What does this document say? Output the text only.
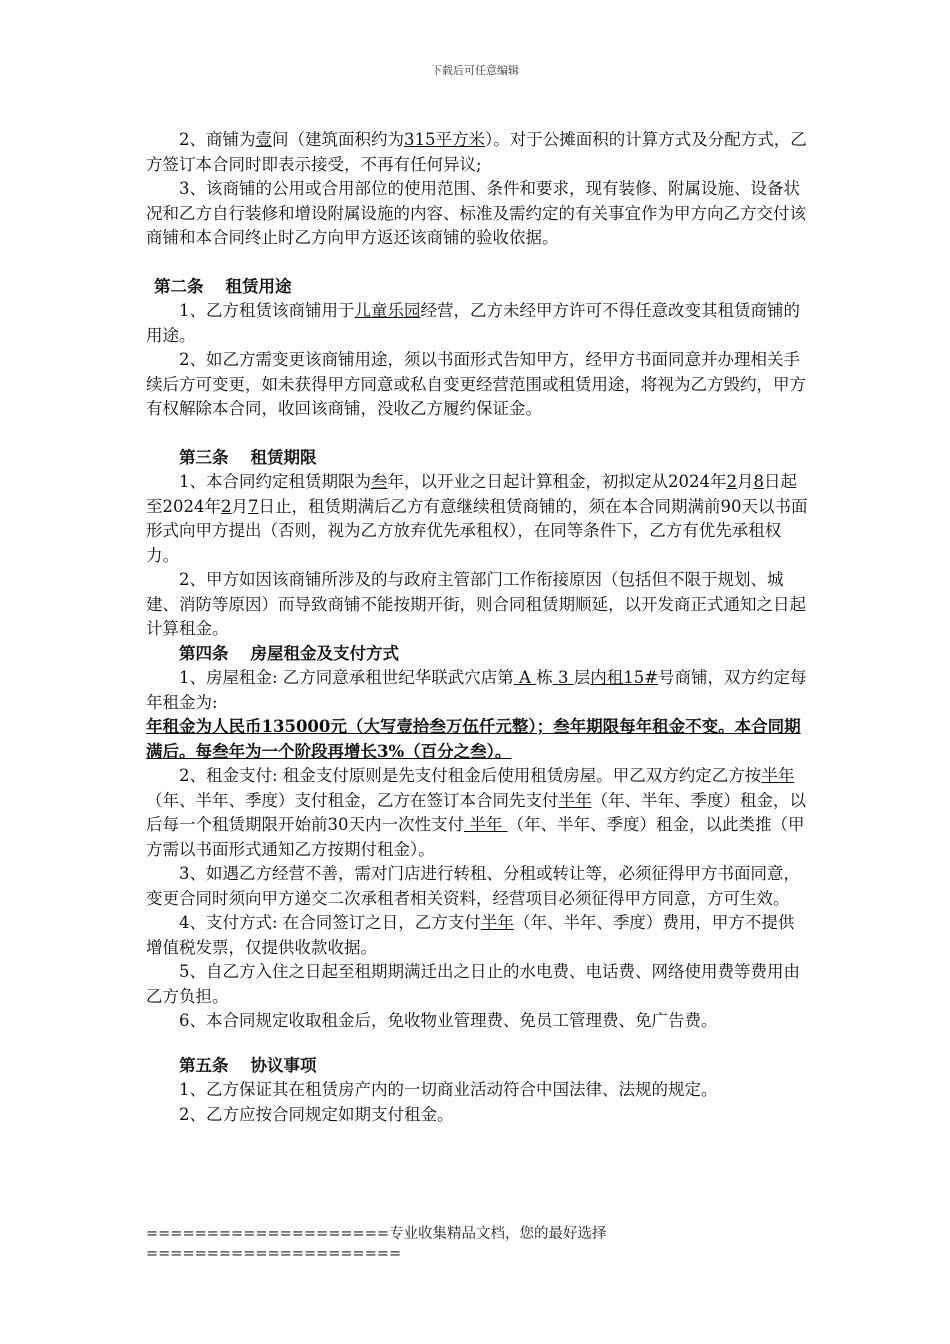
下载后可任意编辑

2、商铺为壹间（建筑面积约为315平方米）。对于公摊面积的计算方式及分配方式，乙方签订本合同时即表示接受，不再有任何异议;

3、该商铺的公用或合用部位的使用范围、条件和要求，现有装修、附属设施、设备状况和乙方自行装修和增设附属设施的内容、标准及需约定的有关事宜作为甲方向乙方交付该商铺和本合同终止时乙方向甲方返还该商铺的验收依据。

第二条 租赁用途

1、乙方租赁该商铺用于儿童乐园经营，乙方未经甲方许可不得任意改变其租赁商铺的用途。

2、如乙方需变更该商铺用途，须以书面形式告知甲方，经甲方书面同意并办理相关手续后方可变更，如未获得甲方同意或私自变更经营范围或租赁用途，将视为乙方毁约，甲方有权解除本合同，收回该商铺，没收乙方履约保证金。

第三条 租赁期限

1、本合同约定租赁期限为叁年，以开业之日起计算租金，初拟定从2024年2月8日起至2024年2月7日止，租赁期满后乙方有意继续租赁商铺的，须在本合同期满前90天以书面形式向甲方提出（否则，视为乙方放弃优先承租权），在同等条件下，乙方有优先承租权力。

2、甲方如因该商铺所涉及的与政府主管部门工作衔接原因（包括但不限于规划、城建、消防等原因）而导致商铺不能按期开街，则合同租赁期顺延，以开发商正式通知之日起计算租金。

第四条 房屋租金及支付方式

1、房屋租金: 乙方同意承租世纪华联武穴店第 A 栋 3 层内租15#号商铺，双方约定每年租金为:

年租金为人民币135000元（大写壹拾叁万伍仟元整）；叁年期限每年租金不变。本合同期满后。每叁年为一个阶段再增长3%（百分之叁）。

2、租金支付: 租金支付原则是先支付租金后使用租赁房屋。甲乙双方约定乙方按半年（年、半年、季度）支付租金，乙方在签订本合同先支付半年（年、半年、季度）租金，以后每一个租赁期限开始前30天内一次性支付 半年 （年、半年、季度）租金，以此类推（甲方需以书面形式通知乙方按期付租金）。

3、如遇乙方经营不善，需对门店进行转租、分租或转让等，必须征得甲方书面同意，变更合同时须向甲方递交二次承租者相关资料，经营项目必须征得甲方同意，方可生效。

4、支付方式: 在合同签订之日，乙方支付半年（年、半年、季度）费用，甲方不提供增值税发票，仅提供收款收据。

5、自乙方入住之日起至租期期满迁出之日止的水电费、电话费、网络使用费等费用由乙方负担。

6、本合同规定收取租金后，免收物业管理费、免员工管理费、免广告费。

第五条 协议事项

1、乙方保证其在租赁房产内的一切商业活动符合中国法律、法规的规定。

2、乙方应按合同规定如期支付租金。

====================专业收集精品文档，您的最好选择=====================
